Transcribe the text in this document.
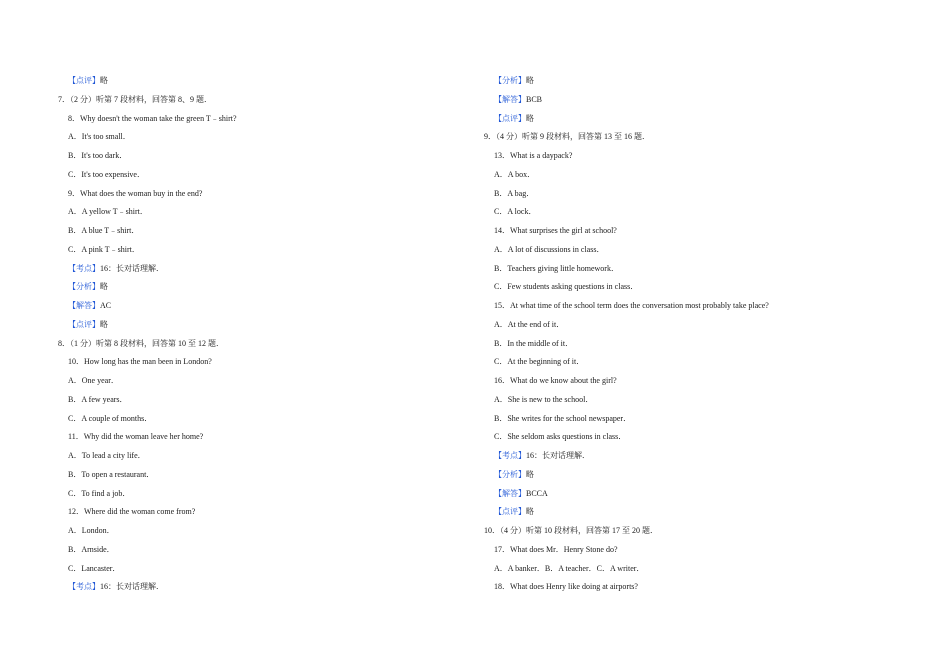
【点评】略
7．（2 分）听第 7 段材料，回答第 8、9 题．
8．Why doesn't the woman take the green T﹣shirt?
A．It's too small．
B．It's too dark．
C．It's too expensive．
9．What does the woman buy in the end?
A．A yellow T﹣shirt．
B．A blue T﹣shirt．
C．A pink T﹣shirt．
【考点】16：长对话理解．
【分析】略
【解答】AC
【点评】略
8．（1 分）听第 8 段材料，回答第 10 至 12 题．
10．How long has the man been in London?
A．One year．
B．A few years．
C．A couple of months．
11．Why did the woman leave her home?
A．To lead a city life．
B．To open a restaurant．
C．To find a job．
12．Where did the woman come from?
A．London．
B．Arnside．
C．Lancaster．
【考点】16：长对话理解．
【分析】略
【解答】BCB
【点评】略
9．（4 分）听第 9 段材料，回答第 13 至 16 题．
13．What is a daypack?
A．A box．
B．A bag．
C．A lock．
14．What surprises the girl at school?
A．A lot of discussions in class．
B．Teachers giving little homework．
C．Few students asking questions in class．
15．At what time of the school term does the conversation most probably take place?
A．At the end of it．
B．In the middle of it．
C．At the beginning of it．
16．What do we know about the girl?
A．She is new to the school．
B．She writes for the school newspaper．
C．She seldom asks questions in class．
【考点】16：长对话理解．
【分析】略
【解答】BCCA
【点评】略
10．（4 分）听第 10 段材料，回答第 17 至 20 题．
17．What does Mr．Henry Stone do?
A．A banker．B．A teacher．C．A writer．
18．What does Henry like doing at airports?
